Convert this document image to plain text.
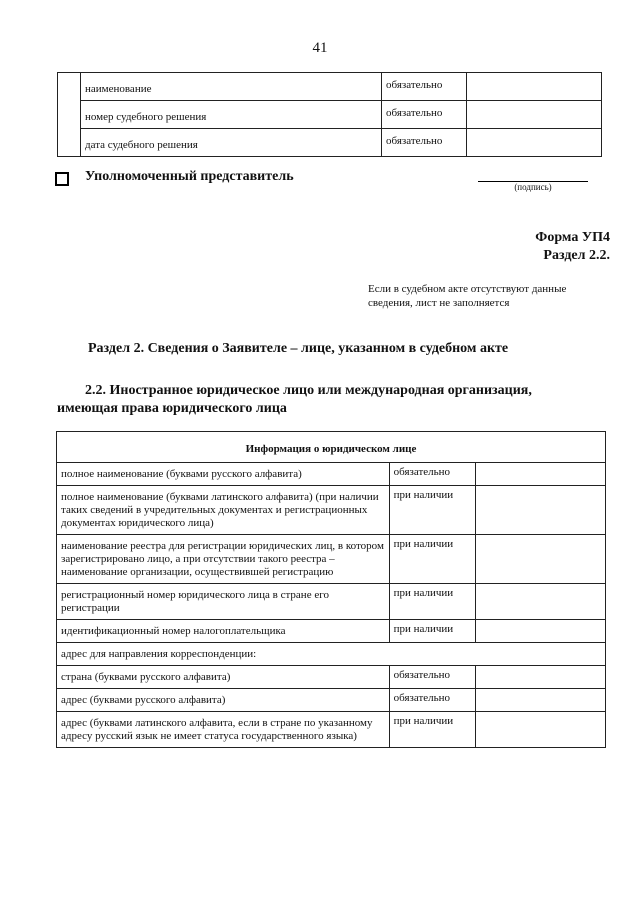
41
	наименование	обязательно	
	номер судебного решения	обязательно	
	дата судебного решения	обязательно	
Уполномоченный представитель
(подпись)
Форма УП4
Раздел 2.2.
Если в судебном акте отсутствуют данные сведения, лист не заполняется
Раздел 2. Сведения о Заявителе – лице, указанном в судебном акте
2.2. Иностранное юридическое лицо или международная организация,
имеющая права юридического лица
Информация о юридическом лице		
полное наименование (буквами русского алфавита)	обязательно	
полное наименование (буквами латинского алфавита) (при наличии таких сведений в учредительных документах и регистрационных документах юридического лица)	при наличии	
наименование реестра для регистрации юридических лиц, в котором зарегистрировано лицо, а при отсутствии такого реестра – наименование организации, осуществившей регистрацию	при наличии	
регистрационный номер юридического лица в стране его регистрации	при наличии	
идентификационный номер налогоплательщика	при наличии	
адрес для направления корреспонденции:		
страна (буквами русского алфавита)	обязательно	
адрес (буквами русского алфавита)	обязательно	
адрес (буквами латинского алфавита, если в стране по указанному адресу русский язык не имеет статуса государственного языка)	при наличии	
